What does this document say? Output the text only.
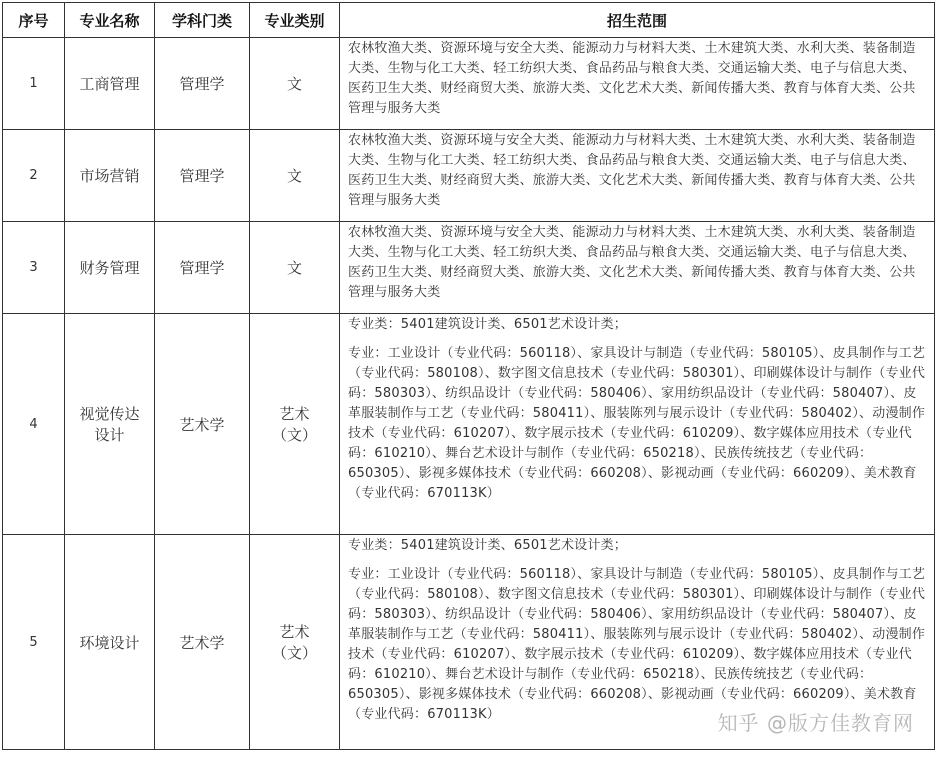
序号	专业名称	学科门类	专业类别	招生范围
1	工商管理	管理学	文	农林牧渔大类、资源环境与安全大类、能源动力与材料大类、土木建筑大类、水利大类、装备制造大类、生物与化工大类、轻工纺织大类、食品药品与粮食大类、交通运输大类、电子与信息大类、医药卫生大类、财经商贸大类、旅游大类、文化艺术大类、新闻传播大类、教育与体育大类、公共管理与服务大类
2	市场营销	管理学	文	农林牧渔大类、资源环境与安全大类、能源动力与材料大类、土木建筑大类、水利大类、装备制造大类、生物与化工大类、轻工纺织大类、食品药品与粮食大类、交通运输大类、电子与信息大类、医药卫生大类、财经商贸大类、旅游大类、文化艺术大类、新闻传播大类、教育与体育大类、公共管理与服务大类
3	财务管理	管理学	文	农林牧渔大类、资源环境与安全大类、能源动力与材料大类、土木建筑大类、水利大类、装备制造大类、生物与化工大类、轻工纺织大类、食品药品与粮食大类、交通运输大类、电子与信息大类、医药卫生大类、财经商贸大类、旅游大类、文化艺术大类、新闻传播大类、教育与体育大类、公共管理与服务大类
4	视觉传达设计	艺术学	艺术（文）	专业类：5401建筑设计类、6501艺术设计类；

专业：工业设计（专业代码：560118）、家具设计与制造（专业代码：580105）、皮具制作与工艺（专业代码：580108）、数字图文信息技术（专业代码：580301）、印刷媒体设计与制作（专业代码：580303）、纺织品设计（专业代码：580406）、家用纺织品设计（专业代码：580407）、皮革服装制作与工艺（专业代码：580411）、服装陈列与展示设计（专业代码：580402）、动漫制作技术（专业代码：610207）、数字展示技术（专业代码：610209）、数字媒体应用技术（专业代码：610210）、舞台艺术设计与制作（专业代码：650218）、民族传统技艺（专业代码：650305）、影视多媒体技术（专业代码：660208）、影视动画（专业代码：660209）、美术教育（专业代码：670113K）

5	环境设计	艺术学	艺术（文）	专业类：5401建筑设计类、6501艺术设计类；

专业：工业设计（专业代码：560118）、家具设计与制造（专业代码：580105）、皮具制作与工艺（专业代码：580108）、数字图文信息技术（专业代码：580301）、印刷媒体设计与制作（专业代码：580303）、纺织品设计（专业代码：580406）、家用纺织品设计（专业代码：580407）、皮革服装制作与工艺（专业代码：580411）、服装陈列与展示设计（专业代码：580402）、动漫制作技术（专业代码：610207）、数字展示技术（专业代码：610209）、数字媒体应用技术（专业代码：610210）、舞台艺术设计与制作（专业代码：650218）、民族传统技艺（专业代码：650305）、影视多媒体技术（专业代码：660208）、影视动画（专业代码：660209）、美术教育（专业代码：670113K）	知乎 @版方佳教育网
